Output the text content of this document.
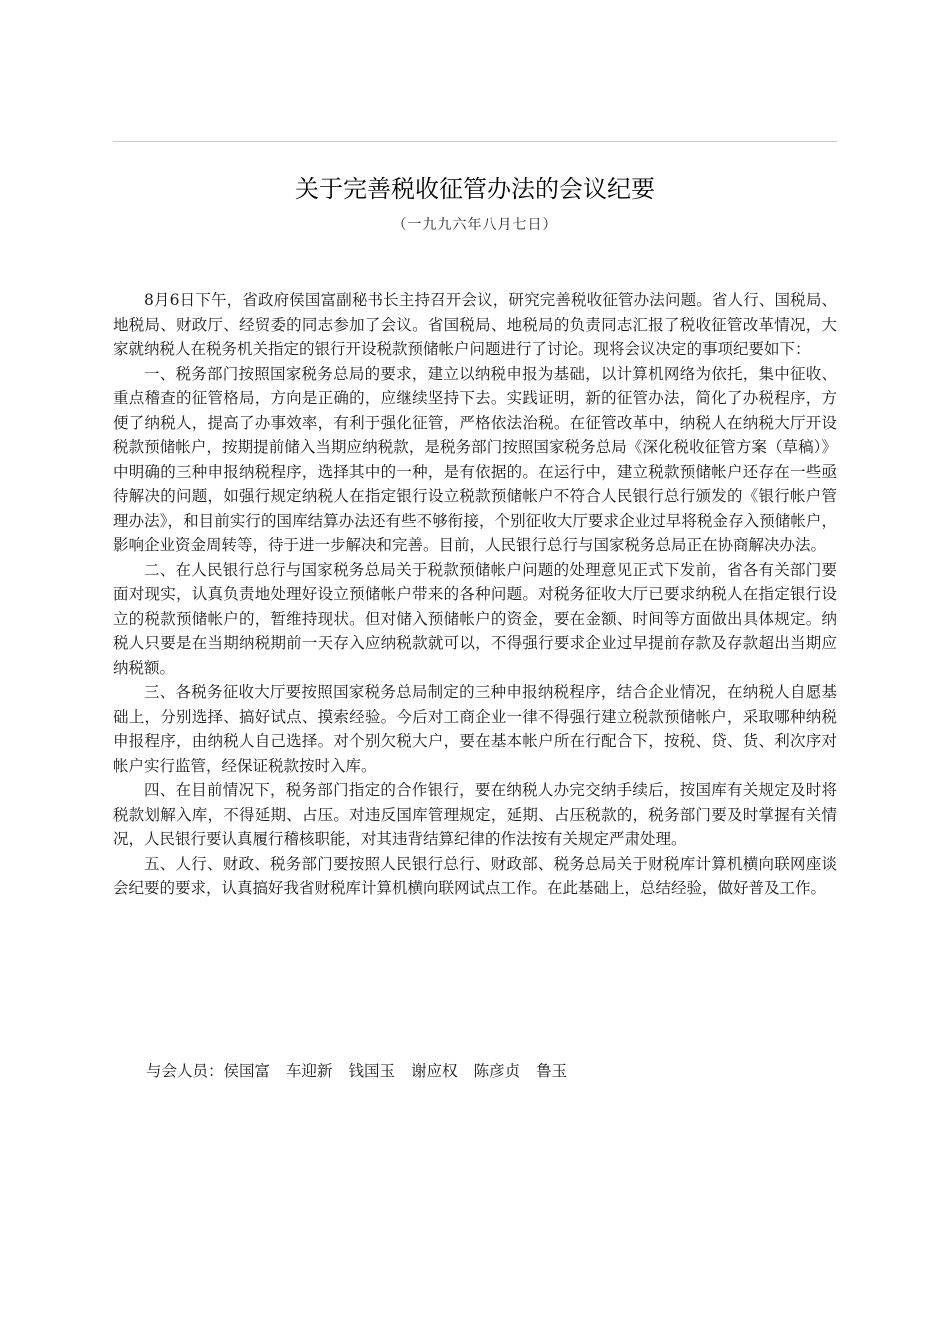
关于完善税收征管办法的会议纪要
（一九九六年八月七日）

8月6日下午，省政府侯国富副秘书长主持召开会议，研究完善税收征管办法问题。省人行、国税局、地税局、财政厅、经贸委的同志参加了会议。省国税局、地税局的负责同志汇报了税收征管改革情况，大家就纳税人在税务机关指定的银行开设税款预储帐户问题进行了讨论。现将会议决定的事项纪要如下：

一、税务部门按照国家税务总局的要求，建立以纳税申报为基础，以计算机网络为依托，集中征收、重点稽查的征管格局，方向是正确的，应继续坚持下去。实践证明，新的征管办法，简化了办税程序，方便了纳税人，提高了办事效率，有利于强化征管，严格依法治税。在征管改革中，纳税人在纳税大厅开设税款预储帐户，按期提前储入当期应纳税款，是税务部门按照国家税务总局《深化税收征管方案（草稿）》中明确的三种申报纳税程序，选择其中的一种，是有依据的。在运行中，建立税款预储帐户还存在一些亟待解决的问题，如强行规定纳税人在指定银行设立税款预储帐户不符合人民银行总行颁发的《银行帐户管理办法》，和目前实行的国库结算办法还有些不够衔接，个别征收大厅要求企业过早将税金存入预储帐户，影响企业资金周转等，待于进一步解决和完善。目前，人民银行总行与国家税务总局正在协商解决办法。

二、在人民银行总行与国家税务总局关于税款预储帐户问题的处理意见正式下发前，省各有关部门要面对现实，认真负责地处理好设立预储帐户带来的各种问题。对税务征收大厅已要求纳税人在指定银行设立的税款预储帐户的，暂维持现状。但对储入预储帐户的资金，要在金额、时间等方面做出具体规定。纳税人只要是在当期纳税期前一天存入应纳税款就可以，不得强行要求企业过早提前存款及存款超出当期应纳税额。

三、各税务征收大厅要按照国家税务总局制定的三种申报纳税程序，结合企业情况，在纳税人自愿基础上，分别选择、搞好试点、摸索经验。今后对工商企业一律不得强行建立税款预储帐户，采取哪种纳税申报程序，由纳税人自己选择。对个别欠税大户，要在基本帐户所在行配合下，按税、贷、货、利次序对帐户实行监管，经保证税款按时入库。

四、在目前情况下，税务部门指定的合作银行，要在纳税人办完交纳手续后，按国库有关规定及时将税款划解入库，不得延期、占压。对违反国库管理规定，延期、占压税款的，税务部门要及时掌握有关情况，人民银行要认真履行稽核职能，对其违背结算纪律的作法按有关规定严肃处理。

五、人行、财政、税务部门要按照人民银行总行、财政部、税务总局关于财税库计算机横向联网座谈会纪要的要求，认真搞好我省财税库计算机横向联网试点工作。在此基础上，总结经验，做好普及工作。

与会人员：侯国富 车迎新 钱国玉 谢应权 陈彦贞 鲁玉
